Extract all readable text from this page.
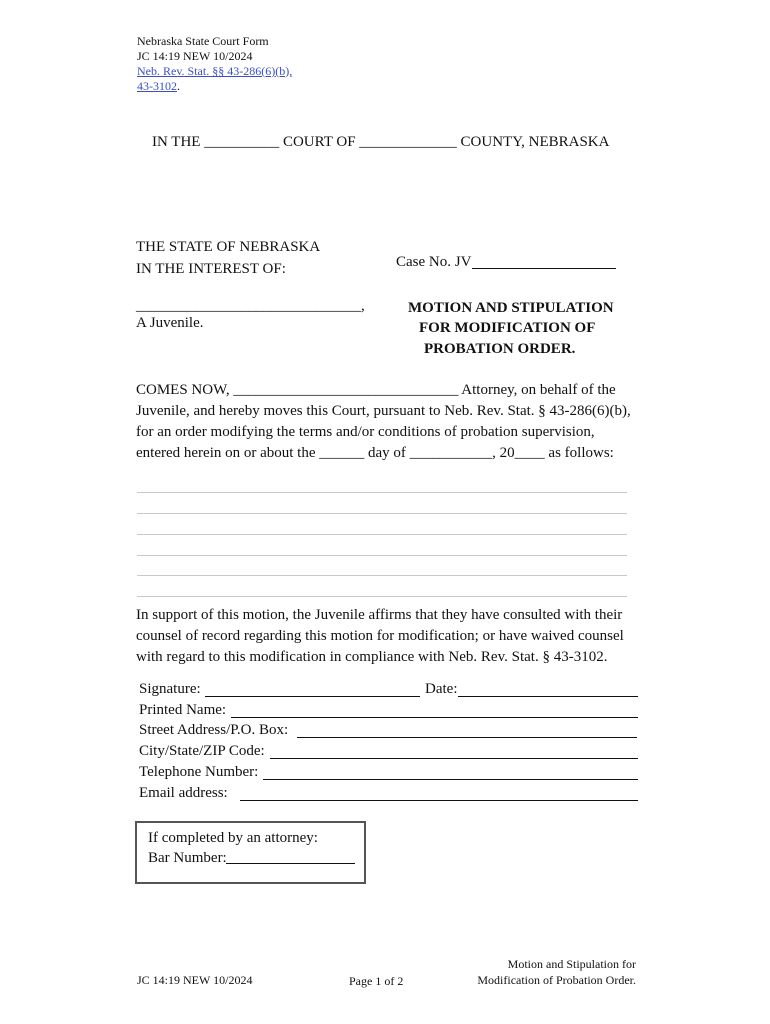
Nebraska State Court Form
JC 14:19 NEW 10/2024
Neb. Rev. Stat. §§ 43-286(6)(b),
43-3102.
IN THE __________ COURT OF _____________ COUNTY, NEBRASKA
THE STATE OF NEBRASKA
IN THE INTEREST OF:
______________________________,
A Juvenile.
Case No. JV
MOTION AND STIPULATION
FOR MODIFICATION OF
PROBATION ORDER.
COMES NOW, ______________________________ Attorney, on behalf of the
Juvenile, and hereby moves this Court, pursuant to Neb. Rev. Stat. § 43-286(6)(b),
for an order modifying the terms and/or conditions of probation supervision,
entered herein on or about the ______ day of ___________, 20____ as follows:
In support of this motion, the Juvenile affirms that they have consulted with their
counsel of record regarding this motion for modification; or have waived counsel
with regard to this modification in compliance with Neb. Rev. Stat. § 43-3102.
Signature:	Date:
Printed Name:
Street Address/P.O. Box:
City/State/ZIP Code:
Telephone Number:
Email address:
If completed by an attorney:
Bar Number:
JC 14:19 NEW 10/2024	Page 1 of 2
Motion and Stipulation for
Modification of Probation Order.
